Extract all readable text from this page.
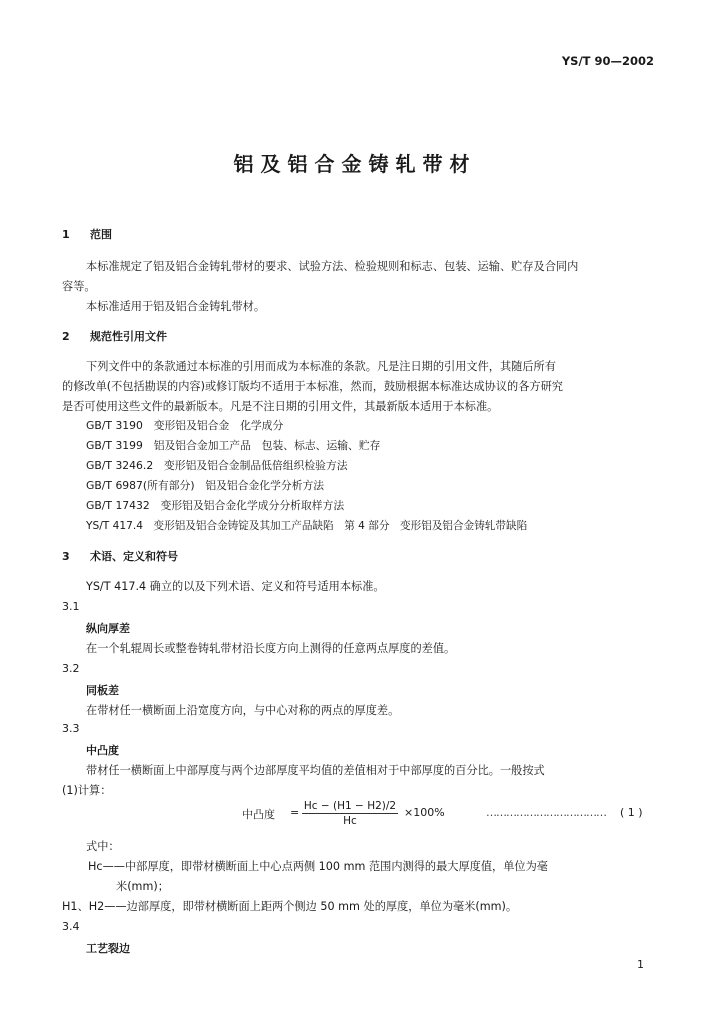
YS/T 90—2002
铝及铝合金铸轧带材
1 范围
本标准规定了铝及铝合金铸轧带材的要求、试验方法、检验规则和标志、包装、运输、贮存及合同内
容等。
本标准适用于铝及铝合金铸轧带材。
2 规范性引用文件
下列文件中的条款通过本标准的引用而成为本标准的条款。凡是注日期的引用文件，其随后所有
的修改单(不包括勘误的内容)或修订版均不适用于本标准，然而，鼓励根据本标准达成协议的各方研究
是否可使用这些文件的最新版本。凡是不注日期的引用文件，其最新版本适用于本标准。
GB/T 3190　变形铝及铝合金　化学成分
GB/T 3199　铝及铝合金加工产品　包装、标志、运输、贮存
GB/T 3246.2　变形铝及铝合金制品低倍组织检验方法
GB/T 6987(所有部分)　铝及铝合金化学分析方法
GB/T 17432　变形铝及铝合金化学成分分析取样方法
YS/T 417.4　变形铝及铝合金铸锭及其加工产品缺陷　第 4 部分　变形铝及铝合金铸轧带缺陷
3 术语、定义和符号
YS/T 417.4 确立的以及下列术语、定义和符号适用本标准。
3.1
纵向厚差
在一个轧辊周长或整卷铸轧带材沿长度方向上测得的任意两点厚度的差值。
3.2
同板差
在带材任一横断面上沿宽度方向，与中心对称的两点的厚度差。
3.3
中凸度
带材任一横断面上中部厚度与两个边部厚度平均值的差值相对于中部厚度的百分比。一般按式
(1)计算：
中凸度 = $\frac{Hc - (H1 - H2)/2}{Hc} \times 100\%$	……………………………… ( 1 )
式中：
Hc——中部厚度，即带材横断面上中心点两侧 100 mm 范围内测得的最大厚度值，单位为毫
米(mm)；
H1、H2——边部厚度，即带材横断面上距两个侧边 50 mm 处的厚度，单位为毫米(mm)。
3.4
工艺裂边
1
